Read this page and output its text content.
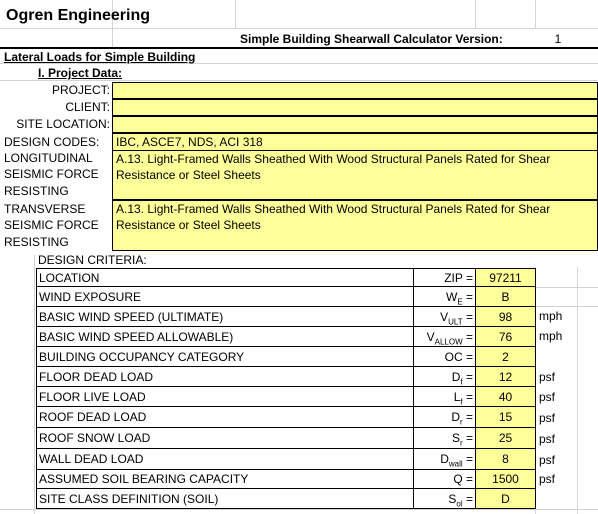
Ogren Engineering
Simple Building Shearwall Calculator Version:	1
Lateral Loads for Simple Building
I. Project Data:
PROJECT:
CLIENT:
SITE LOCATION:
DESIGN CODES:	IBC, ASCE7, NDS, ACI 318
LONGITUDINAL
SEISMIC FORCE
RESISTING
A.13. Light-Framed Walls Sheathed With Wood Structural Panels Rated for Shear
Resistance or Steel Sheets
TRANSVERSE
SEISMIC FORCE
RESISTING
A.13. Light-Framed Walls Sheathed With Wood Structural Panels Rated for Shear
Resistance or Steel Sheets
DESIGN CRITERIA:
LOCATION	ZIP =	97211
WIND EXPOSURE	$W_E$ =	B
BASIC WIND SPEED (ULTIMATE)	$V_{ULT}$ =	98	mph
BASIC WIND SPEED ALLOWABLE)	$V_{ALLOW}$ =	76	mph
BUILDING OCCUPANCY CATEGORY	OC =	2
FLOOR DEAD LOAD	$D_f$ =	12	psf
FLOOR LIVE LOAD	$L_f$ =	40	psf
ROOF DEAD LOAD	$D_r$ =	15	psf
ROOF SNOW LOAD	$S_r$ =	25	psf
WALL DEAD LOAD	$D_{wall}$ =	8	psf
ASSUMED SOIL BEARING CAPACITY	Q =	1500	psf
SITE CLASS DEFINITION (SOIL)	$S_{ol}$ =	D
